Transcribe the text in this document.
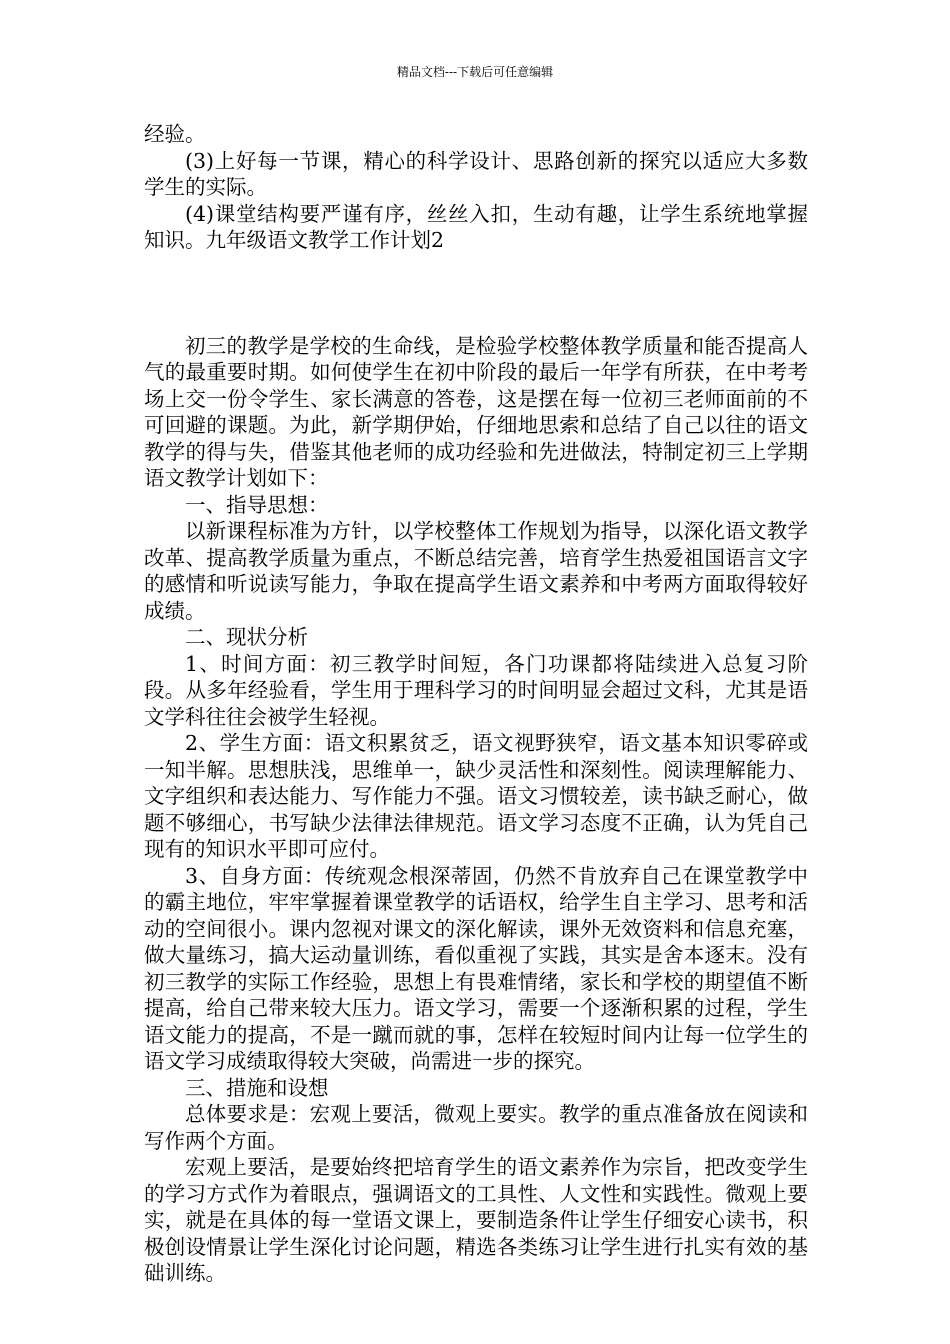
精品文档---下载后可任意编辑

经验。

(3)上好每一节课，精心的科学设计、思路创新的探究以适应大多数学生的实际。

(4)课堂结构要严谨有序，丝丝入扣，生动有趣，让学生系统地掌握知识。九年级语文教学工作计划2

初三的教学是学校的生命线，是检验学校整体教学质量和能否提高人气的最重要时期。如何使学生在初中阶段的最后一年学有所获，在中考考场上交一份令学生、家长满意的答卷，这是摆在每一位初三老师面前的不可回避的课题。为此，新学期伊始，仔细地思索和总结了自己以往的语文教学的得与失，借鉴其他老师的成功经验和先进做法，特制定初三上学期语文教学计划如下：

一、指导思想：

以新课程标准为方针，以学校整体工作规划为指导，以深化语文教学改革、提高教学质量为重点，不断总结完善，培育学生热爱祖国语言文字的感情和听说读写能力，争取在提高学生语文素养和中考两方面取得较好成绩。

二、现状分析

1、时间方面：初三教学时间短，各门功课都将陆续进入总复习阶段。从多年经验看，学生用于理科学习的时间明显会超过文科，尤其是语文学科往往会被学生轻视。

2、学生方面：语文积累贫乏，语文视野狭窄，语文基本知识零碎或一知半解。思想肤浅，思维单一，缺少灵活性和深刻性。阅读理解能力、文字组织和表达能力、写作能力不强。语文习惯较差，读书缺乏耐心，做题不够细心，书写缺少法律法律规范。语文学习态度不正确，认为凭自己现有的知识水平即可应付。

3、自身方面：传统观念根深蒂固，仍然不肯放弃自己在课堂教学中的霸主地位，牢牢掌握着课堂教学的话语权，给学生自主学习、思考和活动的空间很小。课内忽视对课文的深化解读，课外无效资料和信息充塞，做大量练习，搞大运动量训练，看似重视了实践，其实是舍本逐末。没有初三教学的实际工作经验，思想上有畏难情绪，家长和学校的期望值不断提高，给自己带来较大压力。语文学习，需要一个逐渐积累的过程，学生语文能力的提高，不是一蹴而就的事，怎样在较短时间内让每一位学生的语文学习成绩取得较大突破，尚需进一步的探究。

三、措施和设想

总体要求是：宏观上要活，微观上要实。教学的重点准备放在阅读和写作两个方面。

宏观上要活，是要始终把培育学生的语文素养作为宗旨，把改变学生的学习方式作为着眼点，强调语文的工具性、人文性和实践性。微观上要实，就是在具体的每一堂语文课上，要制造条件让学生仔细安心读书，积极创设情景让学生深化讨论问题，精选各类练习让学生进行扎实有效的基础训练。
